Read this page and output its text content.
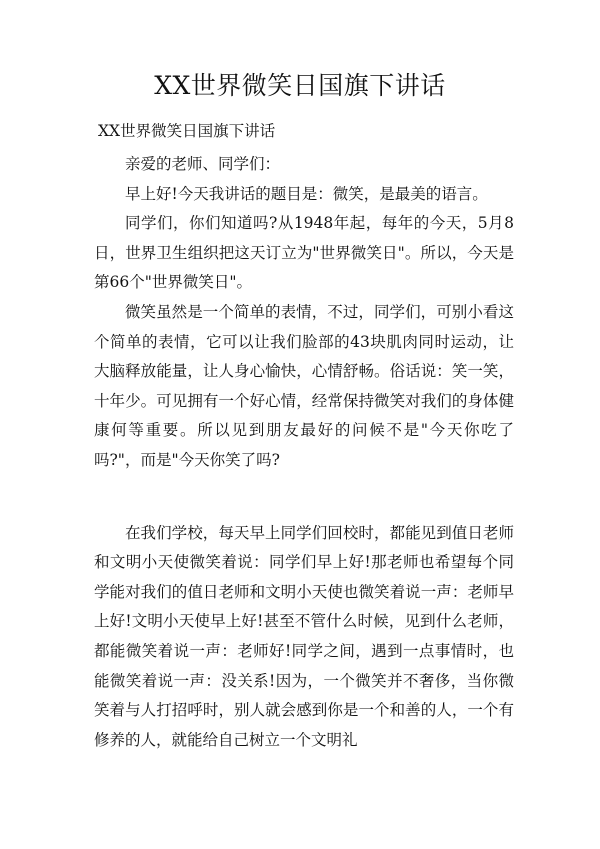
XX世界微笑日国旗下讲话
XX世界微笑日国旗下讲话

亲爱的老师、同学们：

早上好!今天我讲话的题目是：微笑，是最美的语言。

同学们，你们知道吗?从1948年起，每年的今天，5月8日，世界卫生组织把这天订立为"世界微笑日"。所以，今天是第66个"世界微笑日"。

微笑虽然是一个简单的表情，不过，同学们，可别小看这个简单的表情，它可以让我们脸部的43块肌肉同时运动，让大脑释放能量，让人身心愉快，心情舒畅。俗话说：笑一笑，十年少。可见拥有一个好心情，经常保持微笑对我们的身体健康何等重要。所以见到朋友最好的问候不是"今天你吃了吗?"，而是"今天你笑了吗?

在我们学校，每天早上同学们回校时，都能见到值日老师和文明小天使微笑着说：同学们早上好!那老师也希望每个同学能对我们的值日老师和文明小天使也微笑着说一声：老师早上好!文明小天使早上好!甚至不管什么时候，见到什么老师，都能微笑着说一声：老师好!同学之间，遇到一点事情时，也能微笑着说一声：没关系!因为，一个微笑并不奢侈，当你微笑着与人打招呼时，别人就会感到你是一个和善的人，一个有修养的人，就能给自己树立一个文明礼
